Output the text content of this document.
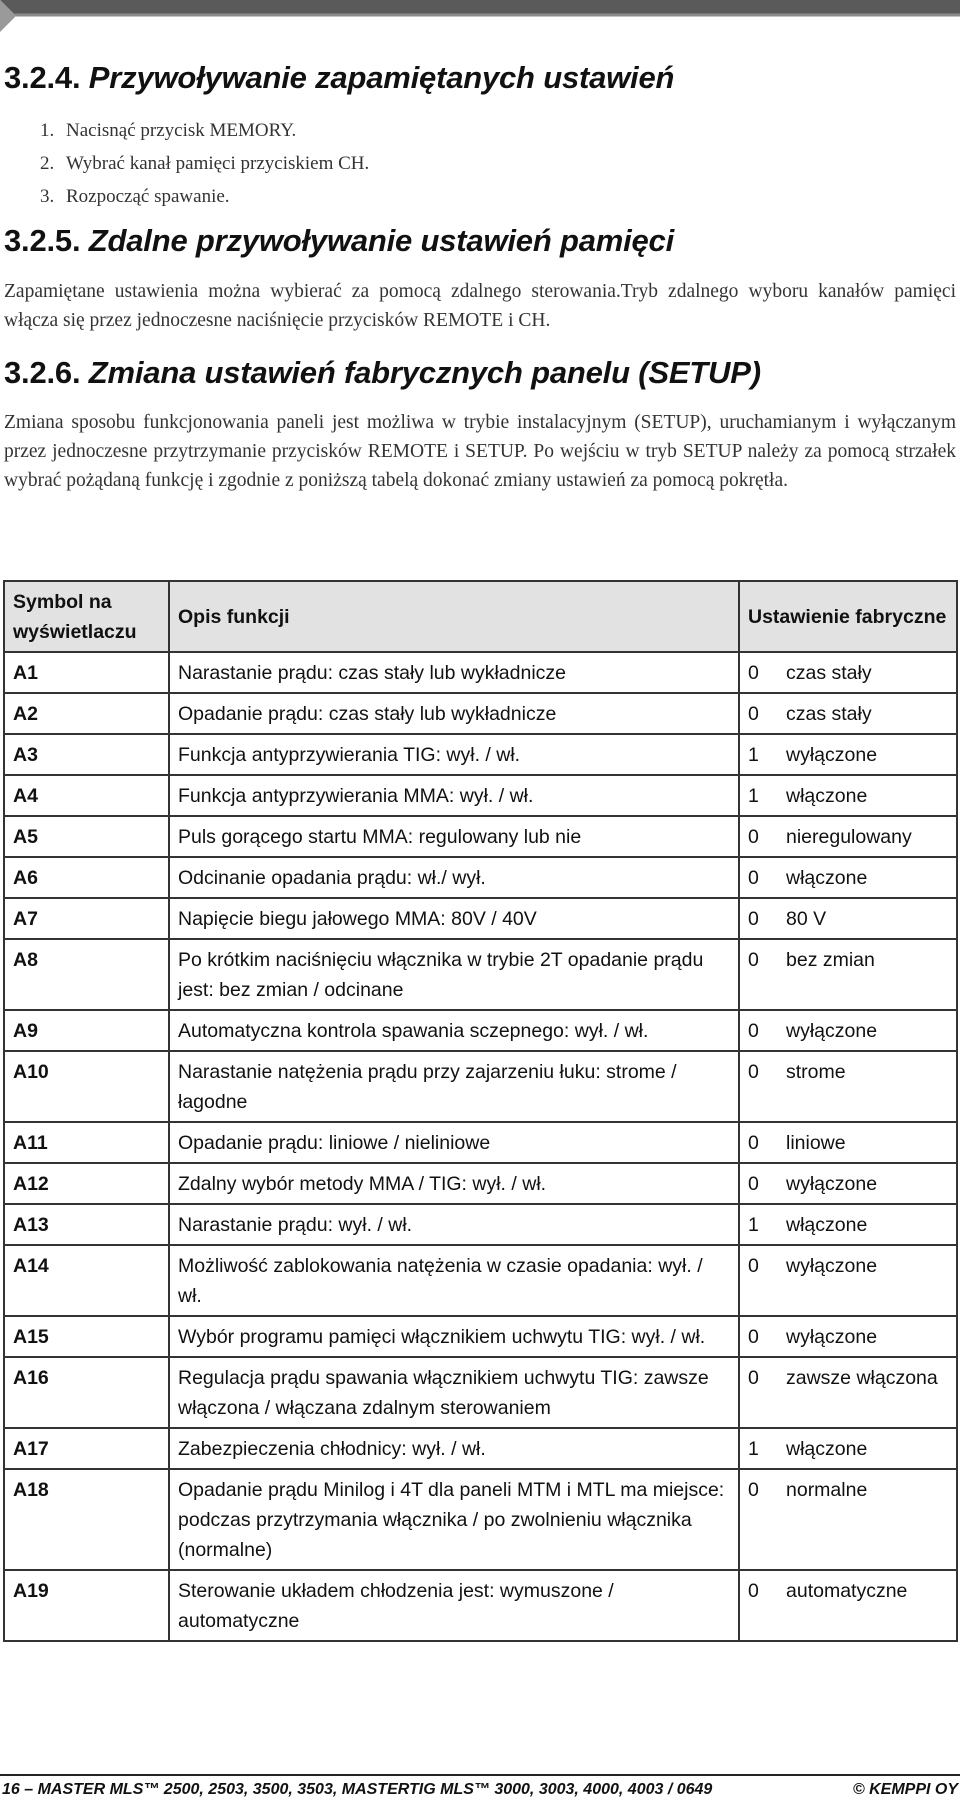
3.2.4. Przywoływanie zapamiętanych ustawień
1. Nacisnąć przycisk MEMORY.
2. Wybrać kanał pamięci przyciskiem CH.
3. Rozpocząć spawanie.
3.2.5. Zdalne przywoływanie ustawień pamięci

Zapamiętane ustawienia można wybierać za pomocą zdalnego sterowania.Tryb zdalnego wyboru kanałów pamięci włącza się przez jednoczesne naciśnięcie przycisków REMOTE i CH.

3.2.6. Zmiana ustawień fabrycznych panelu (SETUP)

Zmiana sposobu funkcjonowania paneli jest możliwa w trybie instalacyjnym (SETUP), uruchamianym i wyłączanym przez jednoczesne przytrzymanie przycisków REMOTE i SETUP. Po wejściu w tryb SETUP należy za pomocą strzałek wybrać pożądaną funkcję i zgodnie z poniższą tabelą dokonać zmiany ustawień za pomocą pokrętła.

Symbol na wyświetlaczu	Opis funkcji	Ustawienie fabryczne
A1	Narastanie prądu: czas stały lub wykładnicze	0 czas stały
A2	Opadanie prądu: czas stały lub wykładnicze	0 czas stały
A3	Funkcja antyprzywierania TIG: wył. / wł.	1 wyłączone
A4	Funkcja antyprzywierania MMA: wył. / wł.	1 włączone
A5	Puls gorącego startu MMA: regulowany lub nie	0 nieregulowany
A6	Odcinanie opadania prądu: wł./ wył.	0 włączone
A7	Napięcie biegu jałowego MMA: 80V / 40V	0 80 V
A8	Po krótkim naciśnięciu włącznika w trybie 2T opadanie prądu jest: bez zmian / odcinane	0 bez zmian
A9	Automatyczna kontrola spawania sczepnego: wył. / wł.	0 wyłączone
A10	Narastanie natężenia prądu przy zajarzeniu łuku: strome / łagodne	0 strome
A11	Opadanie prądu: liniowe / nieliniowe	0 liniowe
A12	Zdalny wybór metody MMA / TIG: wył. / wł.	0 wyłączone
A13	Narastanie prądu: wył. / wł.	1 włączone
A14	Możliwość zablokowania natężenia w czasie opadania: wył. / wł.	0 wyłączone
A15	Wybór programu pamięci włącznikiem uchwytu TIG: wył. / wł.	0 wyłączone
A16	Regulacja prądu spawania włącznikiem uchwytu TIG: zawsze włączona / włączana zdalnym sterowaniem	0 zawsze włączona
A17	Zabezpieczenia chłodnicy: wył. / wł.	1 włączone
A18	Opadanie prądu Minilog i 4T dla paneli MTM i MTL ma miejsce: podczas przytrzymania włącznika / po zwolnieniu włącznika (normalne)	0 normalne
A19	Sterowanie układem chłodzenia jest: wymuszone / automatyczne	0 automatyczne
16 – MASTER MLS™ 2500, 2503, 3500, 3503, MASTERTIG MLS™ 3000, 3003, 4000, 4003 / 0649	© KEMPPI OY
